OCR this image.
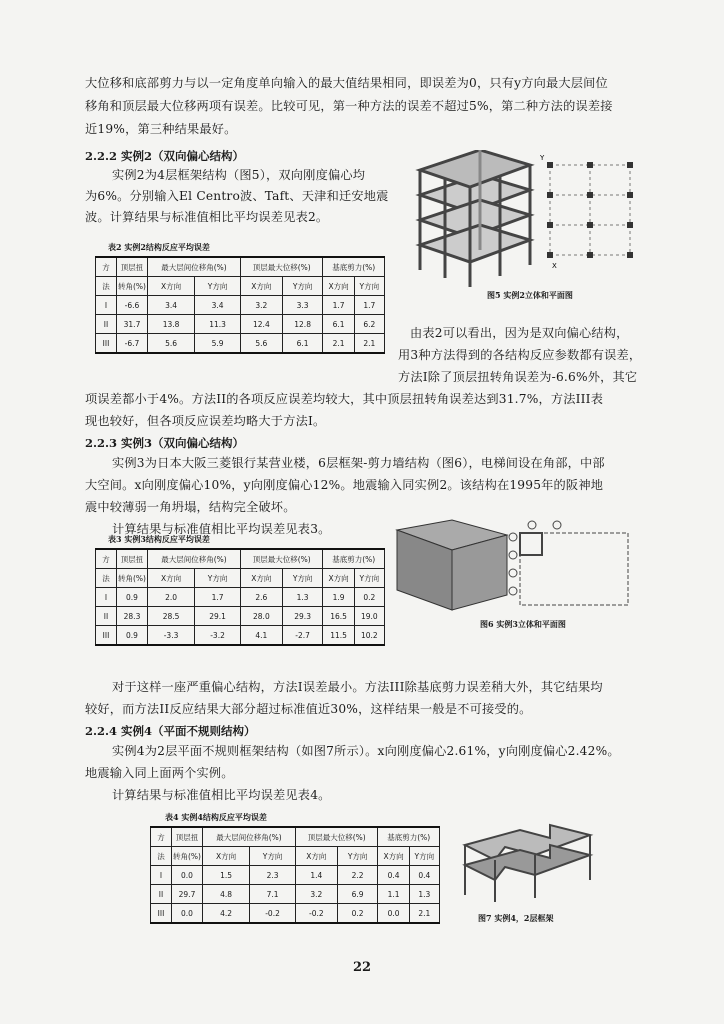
大位移和底部剪力与以一定角度单向输入的最大值结果相同，即误差为0，只有y方向最大层间位
移角和顶层最大位移两项有误差。比较可见，第一种方法的误差不超过5%，第二种方法的误差接
近19%，第三种结果最好。
2.2.2 实例2（双向偏心结构）
实例2为4层框架结构（图5），双向刚度偏心均
为6%。分别输入El Centro波、Taft、天津和迁安地震
波。计算结果与标准值相比平均误差见表2。
X
Y
图5 实例2立体和平面图
表2 实例2结构反应平均误差
方	顶层扭	最大层间位移角(%)		顶层最大位移(%)		基底剪力(%)	
法	转角(%)	X方向	Y方向	X方向	Y方向	X方向	Y方向
I	-6.6	3.4	3.4	3.2	3.3	1.7	1.7
II	31.7	13.8	11.3	12.4	12.8	6.1	6.2
III	-6.7	5.6	5.9	5.6	6.1	2.1	2.1
由表2可以看出，因为是双向偏心结构，
用3种方法得到的各结构反应参数都有误差，
方法I除了顶层扭转角误差为-6.6%外，其它
项误差都小于4%。方法II的各项反应误差均较大，其中顶层扭转角误差达到31.7%，方法III表
现也较好，但各项反应误差均略大于方法I。
2.2.3 实例3（双向偏心结构）
实例3为日本大阪三菱银行某营业楼，6层框架-剪力墙结构（图6），电梯间设在角部，中部
大空间。x向刚度偏心10%，y向刚度偏心12%。地震输入同实例2。该结构在1995年的阪神地
震中较薄弱一角坍塌，结构完全破坏。
计算结果与标准值相比平均误差见表3。
图6 实例3立体和平面图
表3 实例3结构反应平均误差
方	顶层扭	最大层间位移角(%)		顶层最大位移(%)		基底剪力(%)	
法	转角(%)	X方向	Y方向	X方向	Y方向	X方向	Y方向
I	0.9	2.0	1.7	2.6	1.3	1.9	0.2
II	28.3	28.5	29.1	28.0	29.3	16.5	19.0
III	0.9	-3.3	-3.2	4.1	-2.7	11.5	10.2
对于这样一座严重偏心结构，方法I误差最小。方法III除基底剪力误差稍大外，其它结果均
较好，而方法II反应结果大部分超过标准值近30%，这样结果一般是不可接受的。
2.2.4 实例4（平面不规则结构）
实例4为2层平面不规则框架结构（如图7所示）。x向刚度偏心2.61%，y向刚度偏心2.42%。
地震输入同上面两个实例。
计算结果与标准值相比平均误差见表4。
表4 实例4结构反应平均误差
方	顶层扭	最大层间位移角(%)		顶层最大位移(%)		基底剪力(%)	
法	转角(%)	X方向	Y方向	X方向	Y方向	X方向	Y方向
I	0.0	1.5	2.3	1.4	2.2	0.4	0.4
II	29.7	4.8	7.1	3.2	6.9	1.1	1.3
III	0.0	4.2	-0.2	-0.2	0.2	0.0	2.1	图7 实例4，2层框架
22
